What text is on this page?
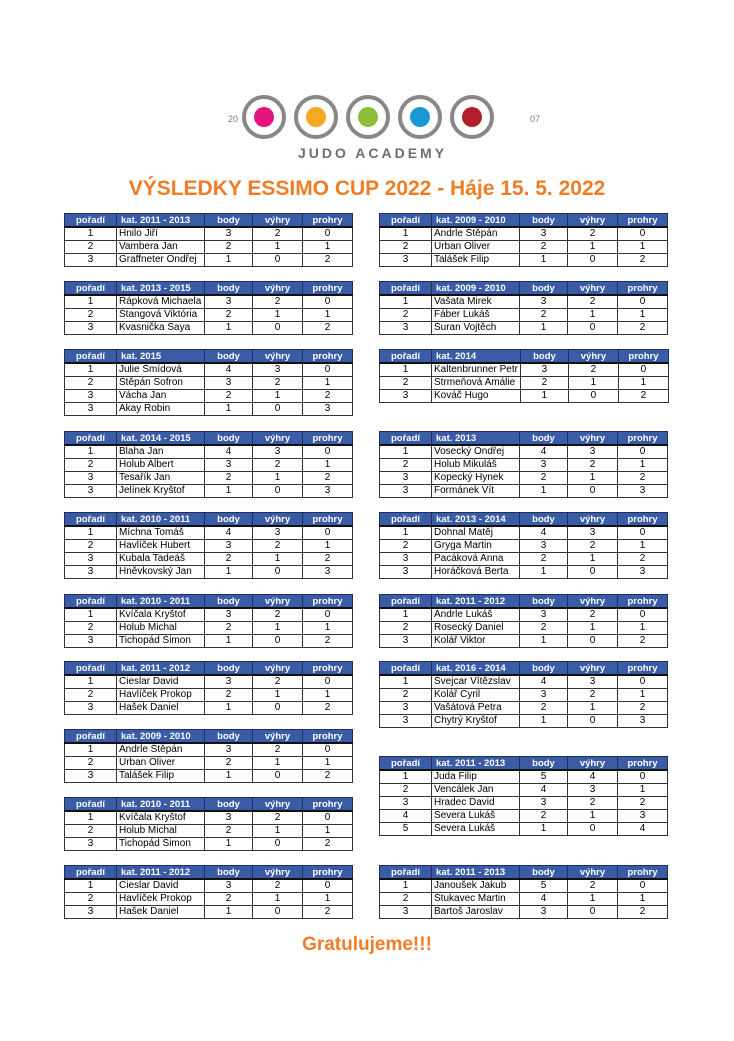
20	07
JUDO ACADEMY
VÝSLEDKY ESSIMO CUP 2022 - Háje 15. 5. 2022
pořadí	kat. 2011 - 2013	body	výhry	prohry
1	Hnilo Jiří	3	2	0
2	Vambera Jan	2	1	1
3	Graffneter Ondřej	1	0	2
pořadí	kat. 2013 - 2015	body	výhry	prohry
1	Řápková Michaela	3	2	0
2	Štangová Viktória	2	1	1
3	Kvasnička Saya	1	0	2
pořadí	kat. 2015	body	výhry	prohry
1	Julie Šmídová	4	3	0
2	Štěpán Sofron	3	2	1
3	Vácha Jan	2	1	2
3	Akay Robin	1	0	3
pořadí	kat. 2014 - 2015	body	výhry	prohry
1	Blaha Jan	4	3	0
2	Holub Albert	3	2	1
3	Tesařík Jan	2	1	2
3	Jelínek Kryštof	1	0	3
pořadí	kat. 2010 - 2011	body	výhry	prohry
1	Míchna Tomáš	4	3	0
2	Havlíček Hubert	3	2	1
3	Kubala Tadeáš	2	1	2
3	Hněvkovský Jan	1	0	3
pořadí	kat. 2010 - 2011	body	výhry	prohry
1	Kvíčala Kryštof	3	2	0
2	Holub Michal	2	1	1
3	Tichopád Šimon	1	0	2
pořadí	kat. 2011 - 2012	body	výhry	prohry
1	Cieslar David	3	2	0
2	Havlíček Prokop	2	1	1
3	Hašek Daniel	1	0	2
pořadí	kat. 2009 - 2010	body	výhry	prohry
1	Andrle Štěpán	3	2	0
2	Urban Oliver	2	1	1
3	Talášek Filip	1	0	2
pořadí	kat. 2010 - 2011	body	výhry	prohry
1	Kvíčala Kryštof	3	2	0
2	Holub Michal	2	1	1
3	Tichopád Šimon	1	0	2
pořadí	kat. 2011 - 2012	body	výhry	prohry
1	Cieslar David	3	2	0
2	Havlíček Prokop	2	1	1
3	Hašek Daniel	1	0	2
pořadí	kat. 2009 - 2010	body	výhry	prohry
1	Andrle Štěpán	3	2	0
2	Urban Oliver	2	1	1
3	Talášek Filip	1	0	2
pořadí	kat. 2009 - 2010	body	výhry	prohry
1	Vašata Mirek	3	2	0
2	Fáber Lukáš	2	1	1
3	Šuran Vojtěch	1	0	2
pořadí	kat. 2014	body	výhry	prohry
1	Kaltenbrunner Petr	3	2	0
2	Strmeňová Amálie	2	1	1
3	Kováč Hugo	1	0	2
pořadí	kat. 2013	body	výhry	prohry
1	Vosecký Ondřej	4	3	0
2	Holub Mikuláš	3	2	1
3	Kopecký Hynek	2	1	2
3	Formánek Vít	1	0	3
pořadí	kat. 2013 - 2014	body	výhry	prohry
1	Dohnal Matěj	4	3	0
2	Gryga Martin	3	2	1
3	Pacáková Anna	2	1	2
3	Horáčková Berta	1	0	3
pořadí	kat. 2011 - 2012	body	výhry	prohry
1	Andrle Lukáš	3	2	0
2	Rosecký Daniel	2	1	1
3	Kolář Viktor	1	0	2
pořadí	kat. 2016 - 2014	body	výhry	prohry
1	Švejcar Vítězslav	4	3	0
2	Kolář Cyril	3	2	1
3	Vašátová Petra	2	1	2
3	Chytrý Kryštof	1	0	3
pořadí	kat. 2011 - 2013	body	výhry	prohry
1	Juda Filip	5	4	0
2	Vencálek Jan	4	3	1
3	Hradec David	3	2	2
4	Severa Lukáš	2	1	3
5	Severa Lukáš	1	0	4
pořadí	kat. 2011 - 2013	body	výhry	prohry
1	Janoušek Jakub	5	2	0
2	Štukavec Martin	4	1	1
3	Bartoš Jaroslav	3	0	2
Gratulujeme!!!
